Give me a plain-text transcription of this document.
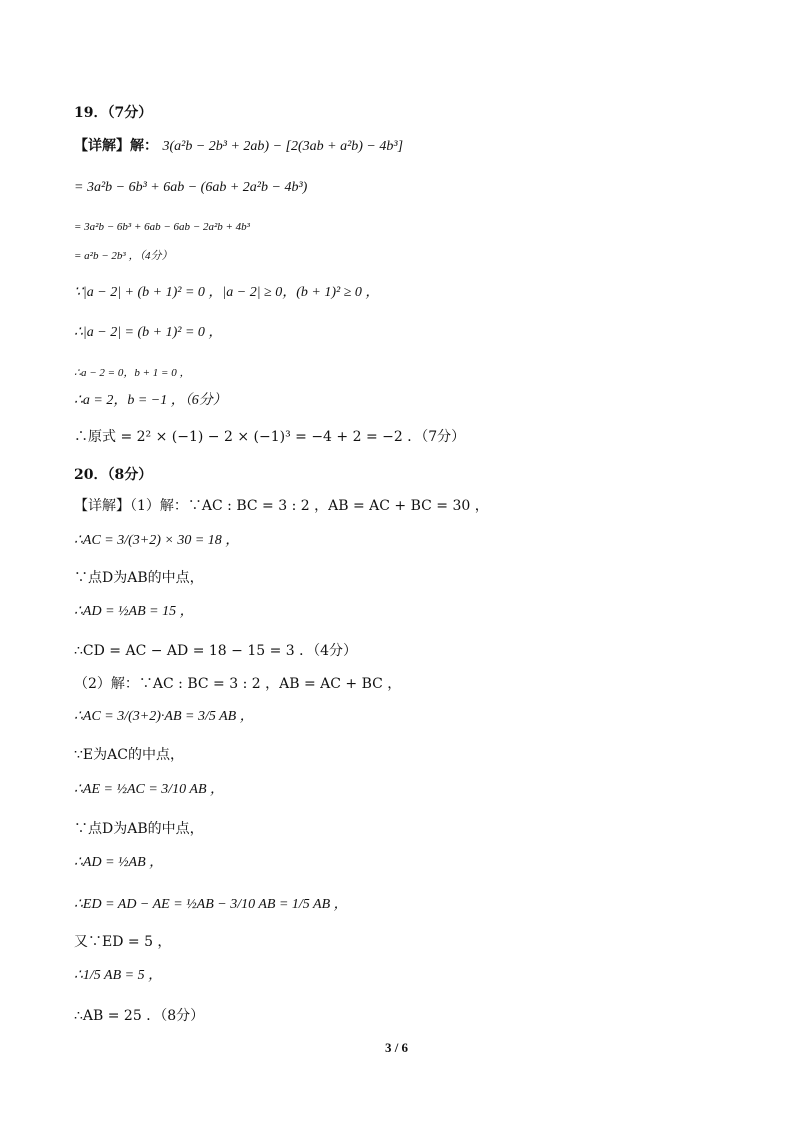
19．（7分）
【详解】解： 3(a²b − 2b³ + 2ab) − [2(3ab + a²b) − 4b³]
= 3a²b − 6b³ + 6ab − (6ab + 2a²b − 4b³)
= 3a²b − 6b³ + 6ab − 6ab − 2a²b + 4b³
= a²b − 2b³ ，（4分）
∵|a − 2| + (b + 1)² = 0 ，|a − 2| ≥ 0，(b + 1)² ≥ 0 ，
∴|a − 2| = (b + 1)² = 0 ，
∴a − 2 = 0，b + 1 = 0 ，
∴a = 2，b = −1 ，（6分）
∴原式 = 2² × (−1) − 2 × (−1)³ = −4 + 2 = −2 ．（7分）
20．（8分）
【详解】（1）解：∵AC : BC = 3 : 2 ，AB = AC + BC = 30 ，
∴AC = 3/(3+2) × 30 = 18 ，
∵点D为AB的中点，
∴AD = ½AB = 15 ，
∴CD = AC − AD = 18 − 15 = 3 ．（4分）
（2）解：∵AC : BC = 3 : 2 ，AB = AC + BC ，
∴AC = 3/(3+2)·AB = 3/5 AB ，
∵E为AC的中点，
∴AE = ½AC = 3/10 AB ，
∵点D为AB的中点，
∴AD = ½AB ，
∴ED = AD − AE = ½AB − 3/10 AB = 1/5 AB ，
又∵ED = 5 ，
∴1/5 AB = 5 ，
∴AB = 25 ．（8分）
3 / 6
